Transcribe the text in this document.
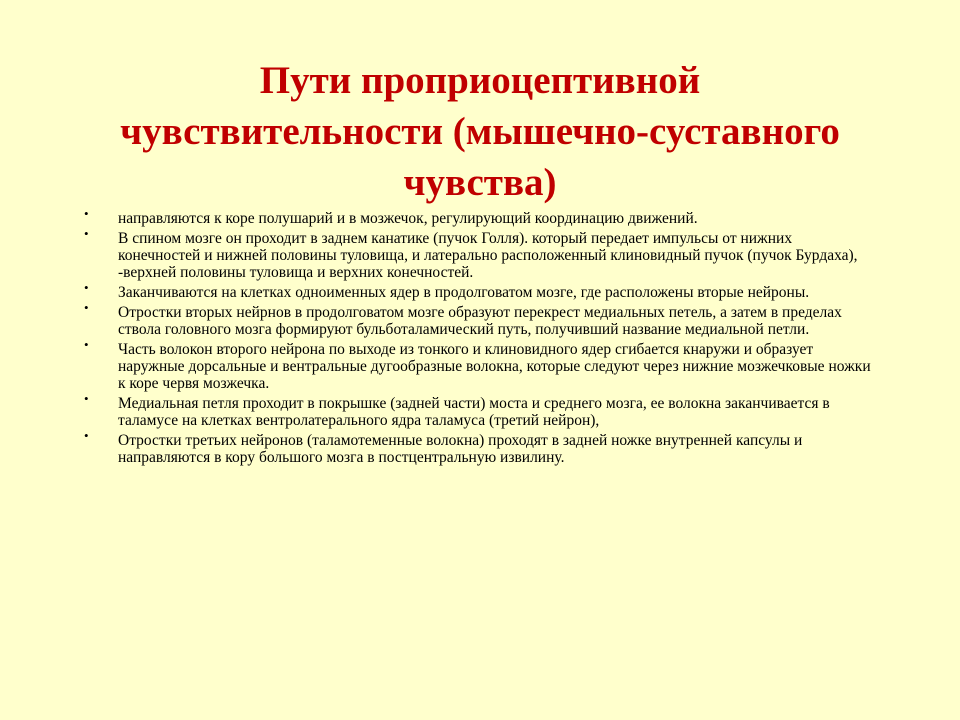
Пути проприоцептивной
чувствительности (мышечно-суставного
чувства)
• направляются к коре полушарий и в мозжечок, регулирующий координацию движений.
• В спином мозге он проходит в заднем канатике (пучок Голля). который передает импульсы от нижних конечностей и нижней половины туловища, и латерально расположенный клиновидный пучок (пучок Бурдаха), -верхней половины туловища и верхних конечностей.
• Заканчиваются на клетках одноименных ядер в продолговатом мозге, где расположены вторые нейроны.
• Отростки вторых нейрнов в продолговатом мозге образуют перекрест медиальных петель, а затем в пределах ствола головного мозга формируют бульботаламический путь, получивший название медиальной петли.
• Часть волокон второго нейрона по выходе из тонкого и клиновидного ядер сгибается кнаружи и образует наружные дорсальные и вентральные дугообразные волокна, которые следуют через нижние мозжечковые ножки к коре червя мозжечка.
• Медиальная петля проходит в покрышке (задней части) моста и среднего мозга, ее волокна заканчивается в таламусе на клетках вентролатерального ядра таламуса (третий нейрон),
• Отростки третьих нейронов (таламотеменные волокна) проходят в задней ножке внутренней капсулы и направляются в кору большого мозга в постцентральную извилину.
